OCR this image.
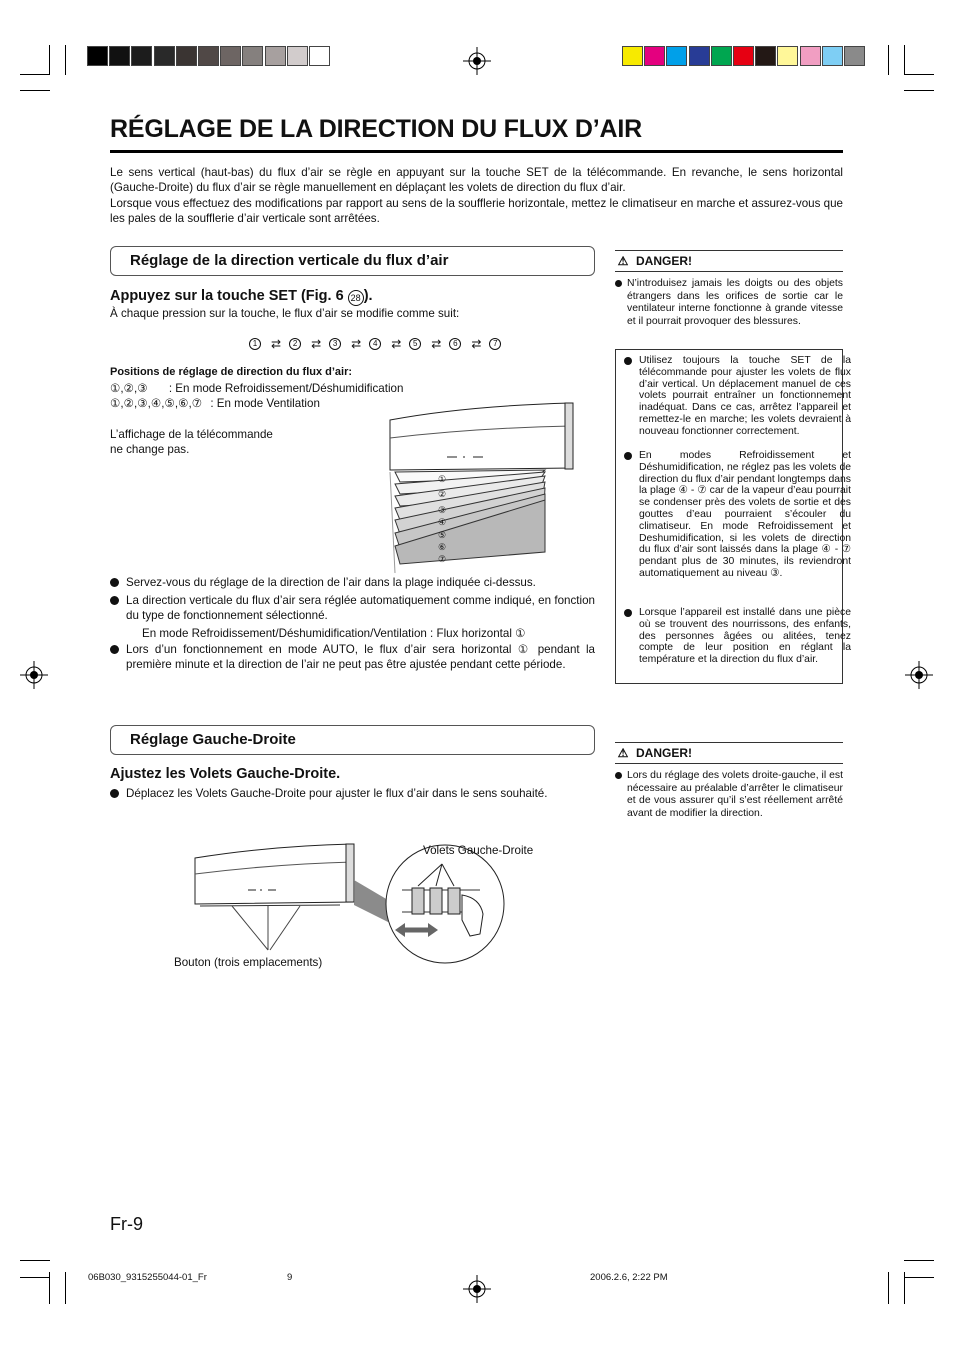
RÉGLAGE DE LA DIRECTION DU FLUX D’AIR

Le sens vertical (haut-bas) du flux d’air se règle en appuyant sur la touche SET de la télécommande. En revanche, le sens horizontal (Gauche-Droite) du flux d’air se règle manuellement en déplaçant les volets de direction du flux d’air.

Lorsque vous effectuez des modifications par rapport au sens de la soufflerie horizontale, mettez le climatiseur en marche et assurez-vous que les pales de la soufflerie d’air verticale sont arrêtées.

Réglage de la direction verticale du flux d’air
Appuyez sur la touche SET (Fig. 6 28 ).
À chaque pression sur la touche, le flux d’air se modifie comme suit:
1	⇄	2	⇄	3	⇄	4	⇄	5	⇄	6	⇄	7
Positions de réglage de direction du flux d’air:
①,②,③ : En mode Refroidissement/Déshumidification
①,②,③,④,⑤,⑥,⑦ : En mode Ventilation
L’affichage de la télécommande
ne change pas.
①
②
③
④
⑤
⑥
⑦
Servez-vous du réglage de la direction de l’air dans la plage indiquée ci-dessus.
La direction verticale du flux d’air sera réglée automatiquement comme indiqué, en fonction du type de fonctionnement sélectionné.
En mode Refroidissement/Déshumidification/Ventilation : Flux horizontal ①
Lors d’un fonctionnement en mode AUTO, le flux d’air sera horizontal ① pendant la première minute et la direction de l’air ne peut pas être ajustée pendant cette période.
⚠ DANGER!
N’introduisez jamais les doigts ou des objets étrangers dans les orifices de sortie car le ventilateur interne fonctionne à grande vitesse et il pourrait provoquer des blessures.
Utilisez toujours la touche SET de la télécommande pour ajuster les volets de flux d’air vertical. Un déplacement manuel de ces volets pourrait entraîner un fonctionnement inadéquat. Dans ce cas, arrêtez l’appareil et remettez-le en marche; les volets devraient à nouveau fonctionner correctement.
En modes Refroidissement et Déshumidification, ne réglez pas les volets de direction du flux d’air pendant longtemps dans la plage ④ - ⑦ car de la vapeur d’eau pourrait se condenser près des volets de sortie et des gouttes d’eau pourraient s’écouler du climatiseur. En mode Refroidissement et Deshumidification, si les volets de direction du flux d’air sont laissés dans la plage ④ - ⑦ pendant plus de 30 minutes, ils reviendront automatiquement au niveau ③.
Lorsque l’appareil est installé dans une pièce où se trouvent des nourrissons, des enfants, des personnes âgées ou alitées, tenez compte de leur position en réglant la température et la direction du flux d’air.
Réglage Gauche-Droite
Ajustez les Volets Gauche-Droite.
Déplacez les Volets Gauche-Droite pour ajuster le flux d’air dans le sens souhaité.
Volets Gauche-Droite
Bouton (trois emplacements)
⚠ DANGER!
Lors du réglage des volets droite-gauche, il est nécessaire au préalable d’arrêter le climatiseur et de vous assurer qu’il s’est réellement arrêté avant de modifier la direction.
Fr-9
06B030_9315255044-01_Fr	9	2006.2.6, 2:22 PM
